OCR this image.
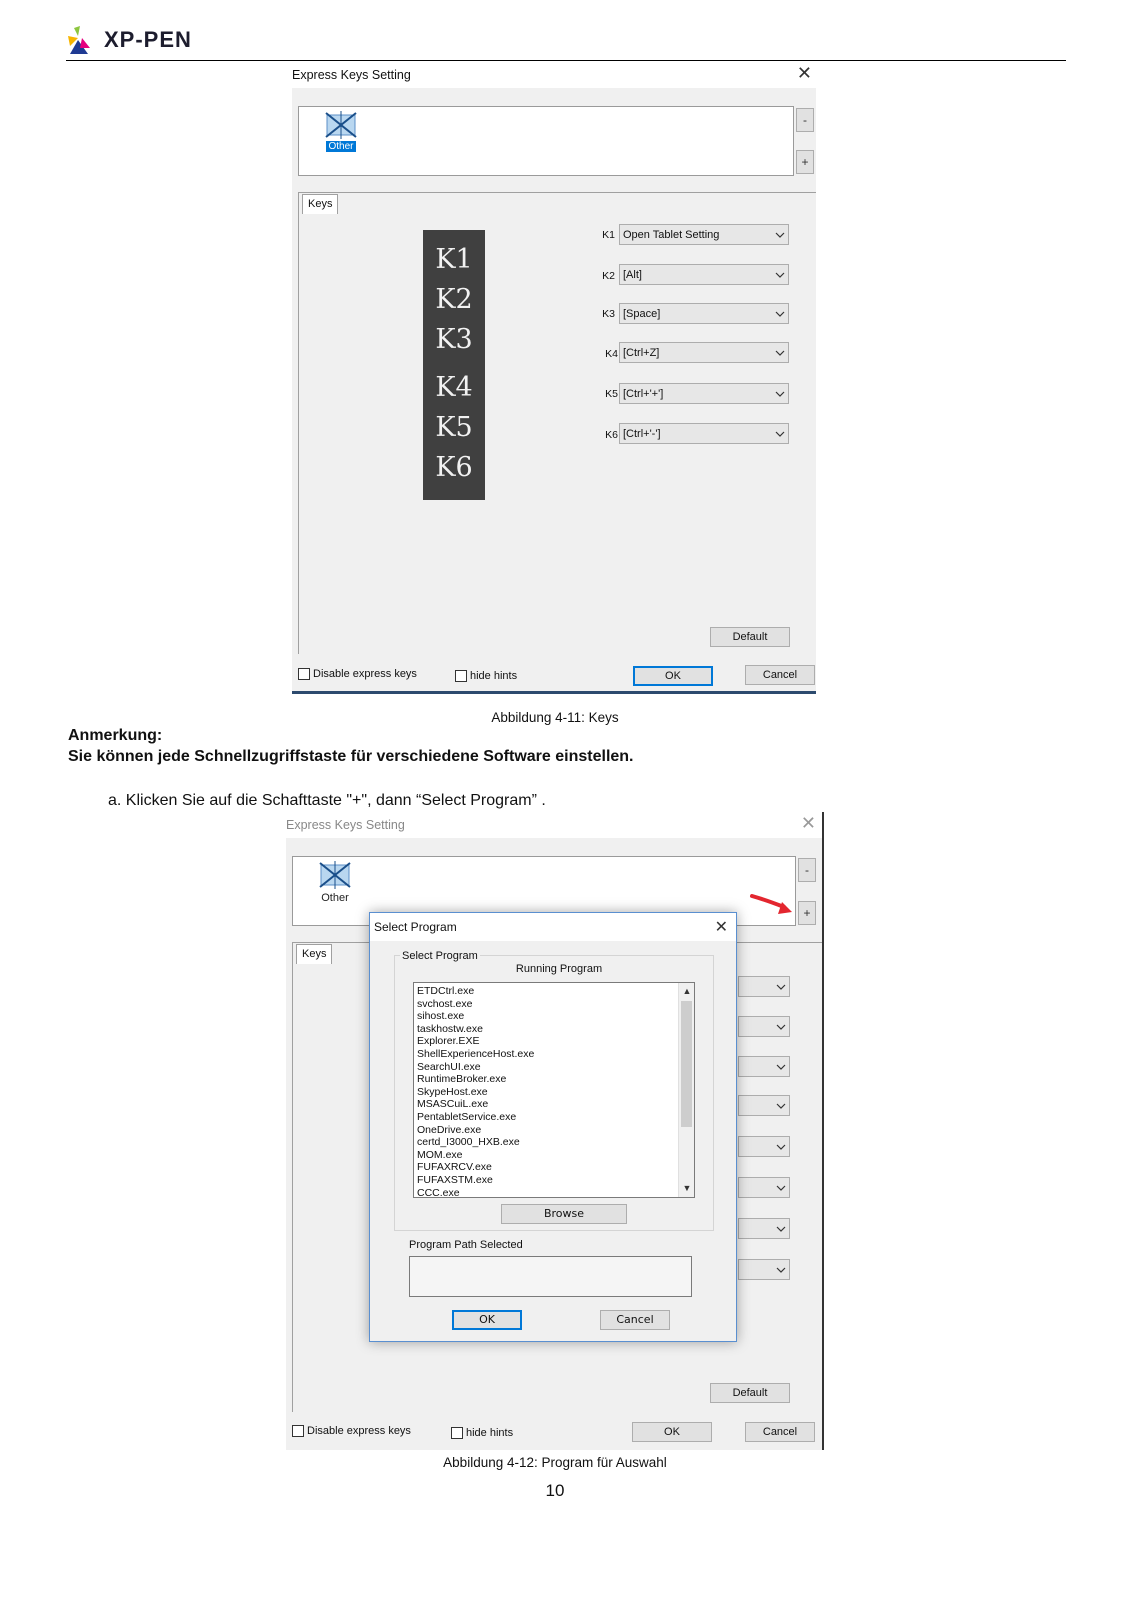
XP-PEN
Express Keys Setting	✕
Other
-
+
Keys
K1
K2
K3
K4
K5
K6
K1 Open Tablet Setting
K2 [Alt]
K3 [Space]
K4 [Ctrl+Z]
K5 [Ctrl+'+']
K6 [Ctrl+'-']
Default
Disable express keys	hide hints	OK	Cancel
Abbildung 4-11: Keys
Anmerkung:
Sie können jede Schnellzugriffstaste für verschiedene Software einstellen.
a. Klicken Sie auf die Schafttaste "+", dann “Select Program” .
Express Keys Setting	✕
Other
-
+
Keys
Default
Disable express keys	hide hints	OK	Cancel
Select Program	✕
Select Program
Running Program
ETDCtrl.exe
svchost.exe
sihost.exe
taskhostw.exe
Explorer.EXE
ShellExperienceHost.exe
SearchUI.exe
RuntimeBroker.exe
SkypeHost.exe
MSASCuiL.exe
PentabletService.exe
OneDrive.exe
certd_I3000_HXB.exe
MOM.exe
FUFAXRCV.exe
FUFAXSTM.exe
CCC.exe
▲
▼
Browse
Program Path Selected
OK	Cancel
Abbildung 4-12: Program für Auswahl
10
